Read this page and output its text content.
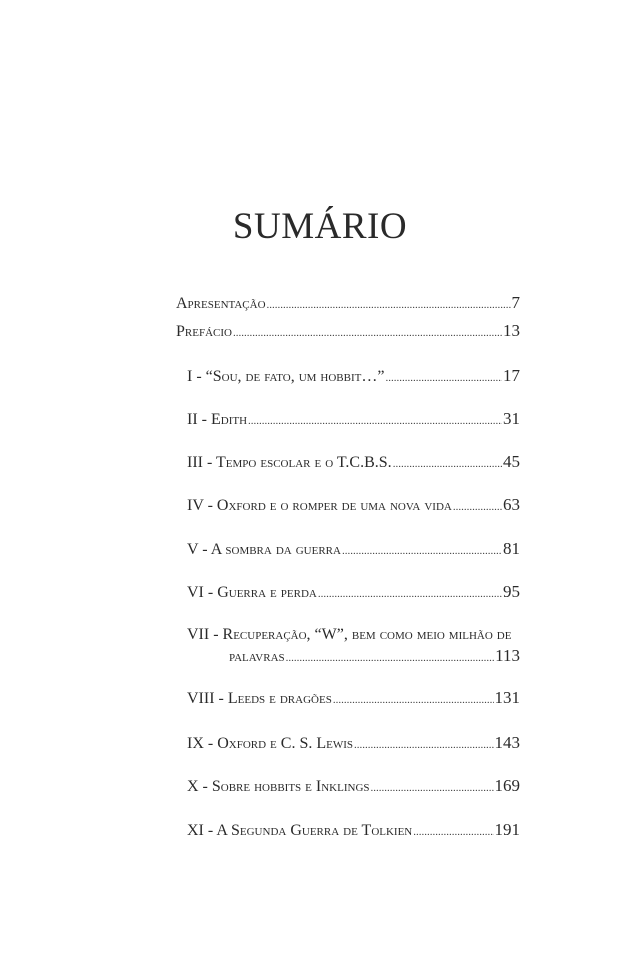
SUMÁRIO
Apresentação .....	7
Prefácio .....	13
I - “Sou, de fato, um hobbit…” .....	17
II - Edith .....	31
III - Tempo escolar e o T.C.B.S. .....	45
IV - Oxford e o romper de uma nova vida .....	63
V - A sombra da guerra .....	81
VI - Guerra e perda .....	95
VII - Recuperação, “W”, bem como meio milhão de
palavras .....	113
VIII - Leeds e dragões .....	131
IX - Oxford e C. S. Lewis .....	143
X - Sobre hobbits e Inklings .....	169
XI - A Segunda Guerra de Tolkien .....	191
